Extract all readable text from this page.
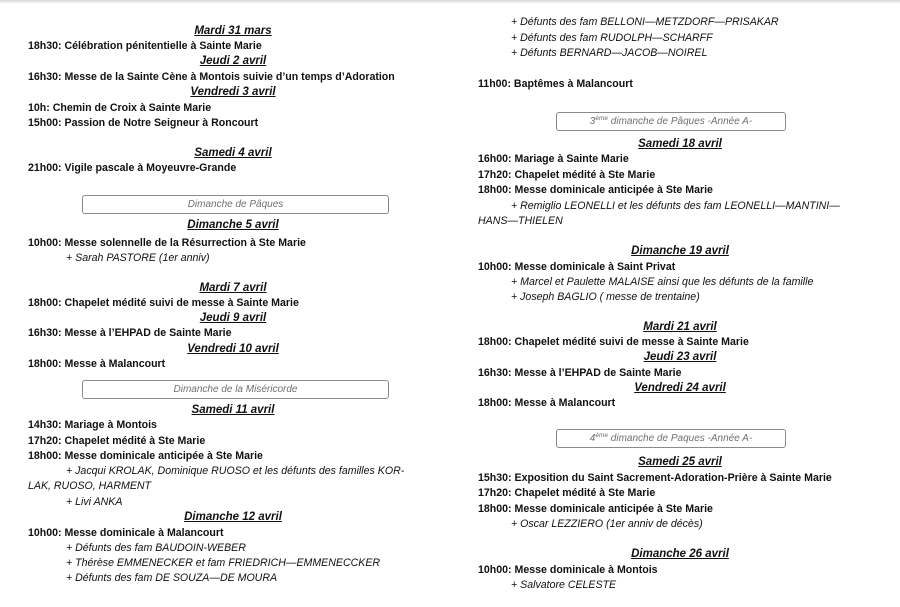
Mardi 31 mars
18h30: Célébration pénitentielle à Sainte Marie
Jeudi 2 avril
16h30: Messe de la Sainte Cène à Montois suivie d’un temps d’Adoration
Vendredi 3 avril
10h: Chemin de Croix à Sainte Marie
15h00: Passion de Notre Seigneur à Roncourt
Samedi 4 avril
21h00: Vigile pascale à Moyeuvre-Grande
Dimanche de Pâques
Dimanche 5 avril
10h00: Messe solennelle de la Résurrection à Ste Marie
+ Sarah PASTORE (1er anniv)
Mardi 7 avril
18h00: Chapelet médité suivi de messe à Sainte Marie
Jeudi 9 avril
16h30: Messe à l’EHPAD de Sainte Marie
Vendredi 10 avril
18h00: Messe à Malancourt
Dimanche de la Miséricorde
Samedi 11 avril
14h30: Mariage à Montois
17h20: Chapelet médité à Ste Marie
18h00: Messe dominicale anticipée à Ste Marie
+ Jacqui KROLAK, Dominique RUOSO et les défunts des familles KOR-
LAK, RUOSO, HARMENT
+ Livi ANKA
Dimanche 12 avril
10h00: Messe dominicale à Malancourt
+ Défunts des fam BAUDOIN-WEBER
+ Thérèse EMMENECKER et fam FRIEDRICH—EMMENECCKER
+ Défunts des fam DE SOUZA—DE MOURA
+ Défunts des fam BELLONI—METZDORF—PRISAKAR
+ Défunts des fam RUDOLPH—SCHARFF
+ Défunts BERNARD—JACOB—NOIREL
11h00: Baptêmes à Malancourt
3ème dimanche de Pâques -Année A-
Samedi 18 avril
16h00: Mariage à Sainte Marie
17h20: Chapelet médité à Ste Marie
18h00: Messe dominicale anticipée à Ste Marie
+ Remiglio LEONELLI et les défunts des fam LEONELLI—MANTINI—
HANS—THIELEN
Dimanche 19 avril
10h00: Messe dominicale à Saint Privat
+ Marcel et Paulette MALAISE ainsi que les défunts de la famille
+ Joseph BAGLIO ( messe de trentaine)
Mardi 21 avril
18h00: Chapelet médité suivi de messe à Sainte Marie
Jeudi 23 avril
16h30: Messe à l’EHPAD de Sainte Marie
Vendredi 24 avril
18h00: Messe à Malancourt
4ème dimanche de Paques -Année A-
Samedi 25 avril
15h30: Exposition du Saint Sacrement-Adoration-Prière à Sainte Marie
17h20: Chapelet médité à Ste Marie
18h00: Messe dominicale anticipée à Ste Marie
+ Oscar LEZZIERO (1er anniv de décès)
Dimanche 26 avril
10h00: Messe dominicale à Montois
+ Salvatore CELESTE
